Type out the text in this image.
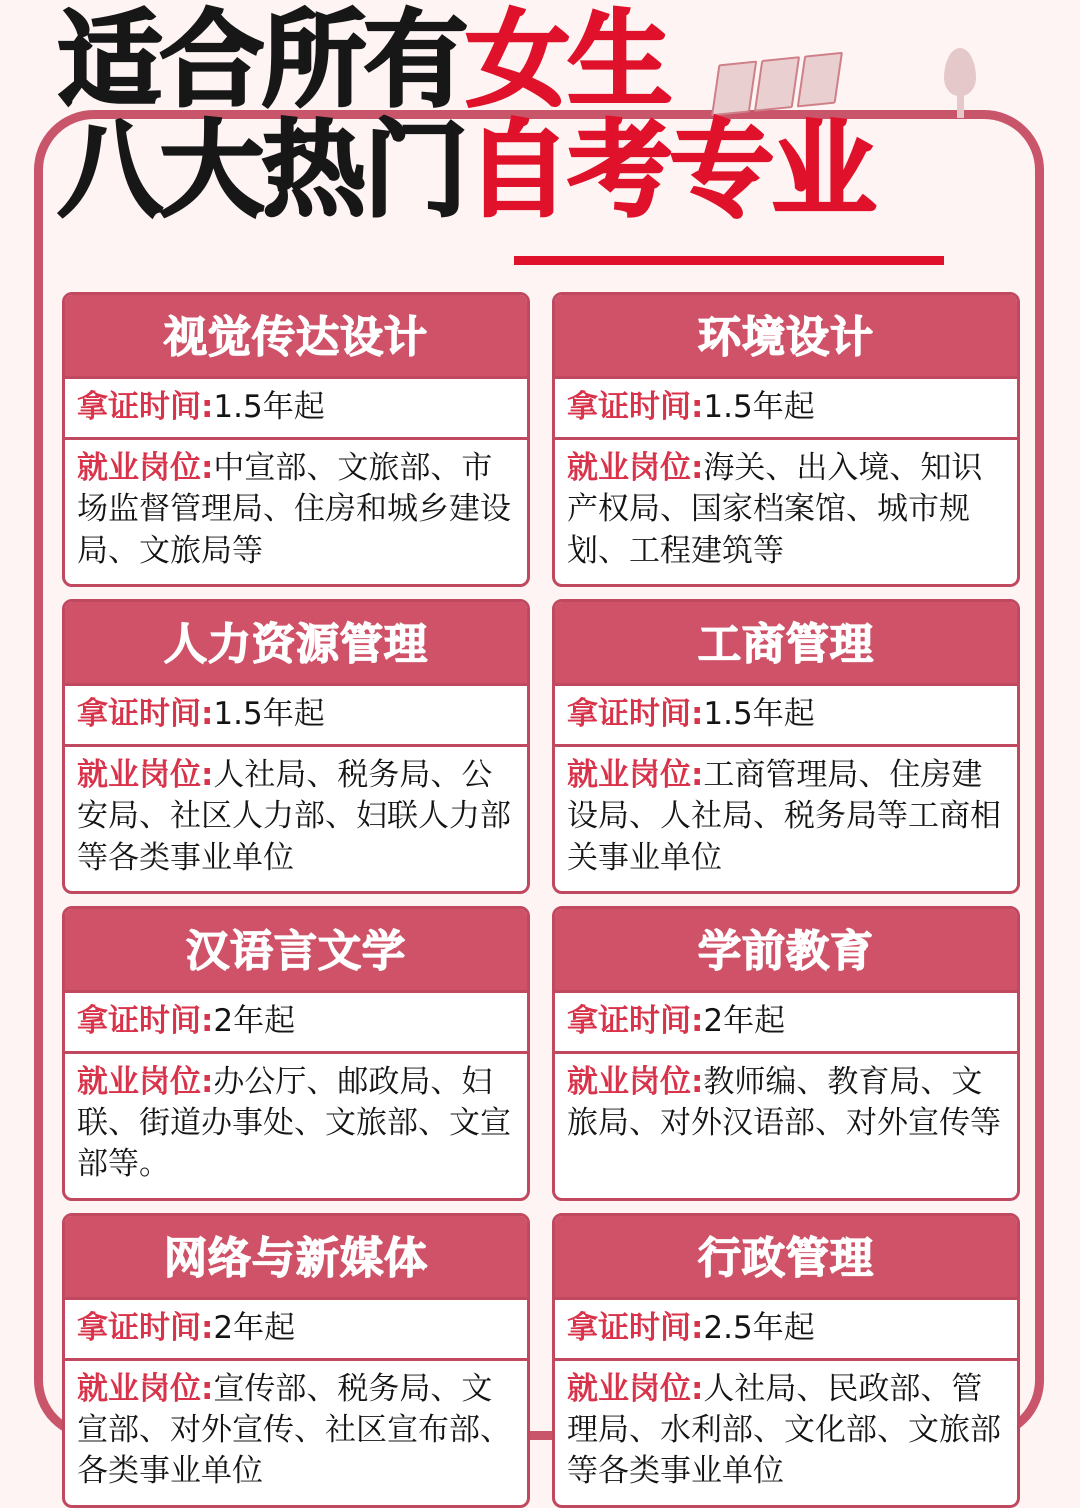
适合所有 女生
八大热门 自考专业
视觉传达设计
拿证时间:1.5年起
就业岗位:中宣部、文旅部、市场监督管理局、住房和城乡建设局、文旅局等
环境设计
拿证时间:1.5年起
就业岗位:海关、出入境、知识产权局、国家档案馆、城市规划、工程建筑等
人力资源管理
拿证时间:1.5年起
就业岗位:人社局、税务局、公安局、社区人力部、妇联人力部等各类事业单位
工商管理
拿证时间:1.5年起
就业岗位:工商管理局、住房建设局、人社局、税务局等工商相关事业单位
汉语言文学
拿证时间:2年起
就业岗位:办公厅、邮政局、妇联、街道办事处、文旅部、文宣部等。
学前教育
拿证时间:2年起
就业岗位:教师编、教育局、文旅局、对外汉语部、对外宣传等
网络与新媒体
拿证时间:2年起
就业岗位:宣传部、税务局、文宣部、对外宣传、社区宣布部、各类事业单位
行政管理
拿证时间:2.5年起
就业岗位:人社局、民政部、管理局、水利部、文化部、文旅部等各类事业单位
